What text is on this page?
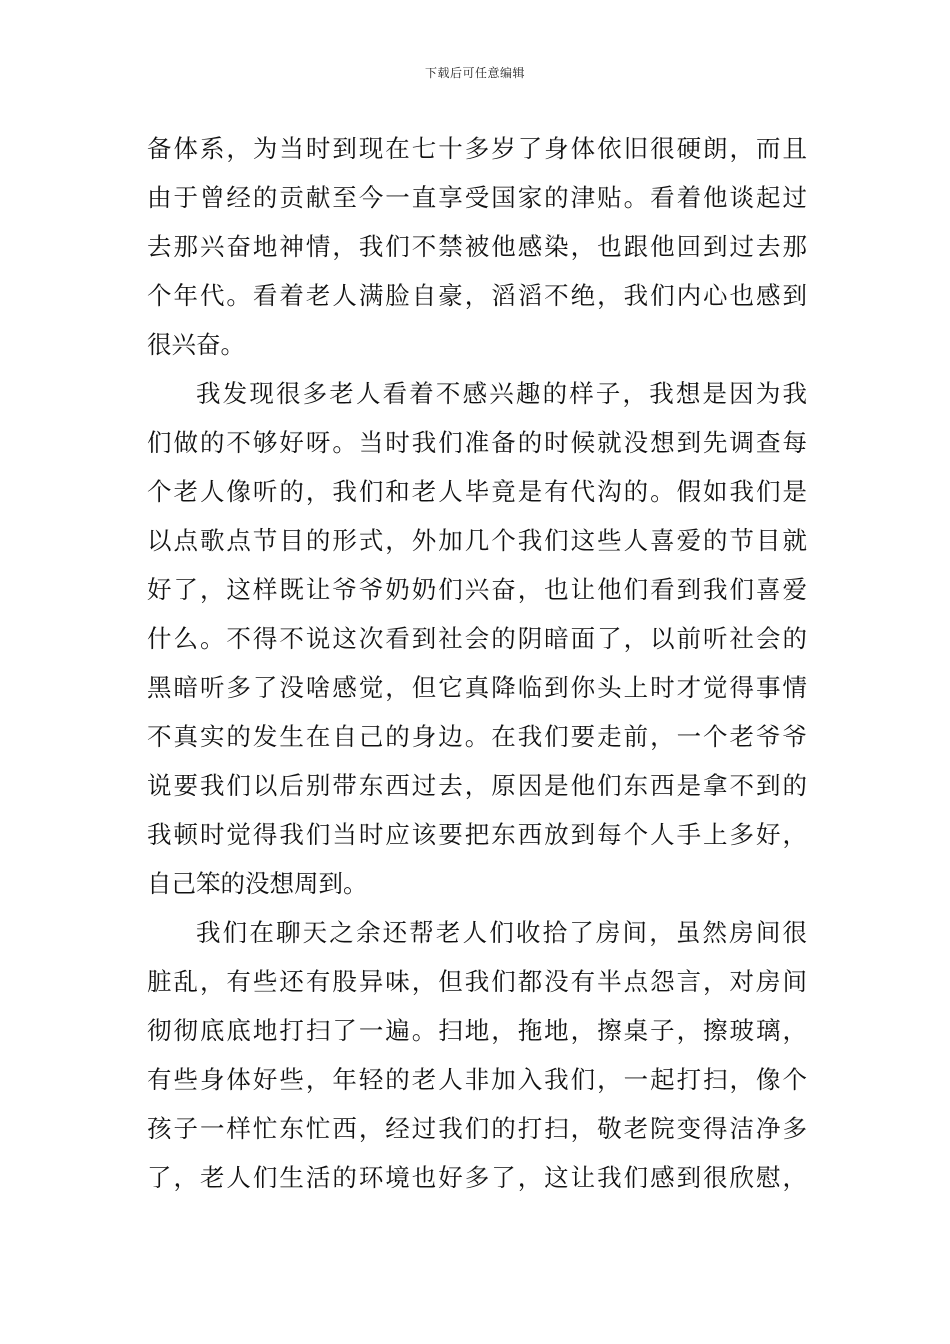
下载后可任意编辑
备体系，为当时到现在七十多岁了身体依旧很硬朗，而且
由于曾经的贡献至今一直享受国家的津贴。看着他谈起过
去那兴奋地神情，我们不禁被他感染，也跟他回到过去那
个年代。看着老人满脸自豪，滔滔不绝，我们内心也感到
很兴奋。
我发现很多老人看着不感兴趣的样子，我想是因为我
们做的不够好呀。当时我们准备的时候就没想到先调查每
个老人像听的，我们和老人毕竟是有代沟的。假如我们是
以点歌点节目的形式，外加几个我们这些人喜爱的节目就
好了，这样既让爷爷奶奶们兴奋，也让他们看到我们喜爱
什么。不得不说这次看到社会的阴暗面了，以前听社会的
黑暗听多了没啥感觉，但它真降临到你头上时才觉得事情
不真实的发生在自己的身边。在我们要走前，一个老爷爷
说要我们以后别带东西过去，原因是他们东西是拿不到的
我顿时觉得我们当时应该要把东西放到每个人手上多好，
自己笨的没想周到。
我们在聊天之余还帮老人们收拾了房间，虽然房间很
脏乱，有些还有股异味，但我们都没有半点怨言，对房间
彻彻底底地打扫了一遍。扫地，拖地，擦桌子，擦玻璃，
有些身体好些，年轻的老人非加入我们，一起打扫，像个
孩子一样忙东忙西，经过我们的打扫，敬老院变得洁净多
了，老人们生活的环境也好多了，这让我们感到很欣慰，
